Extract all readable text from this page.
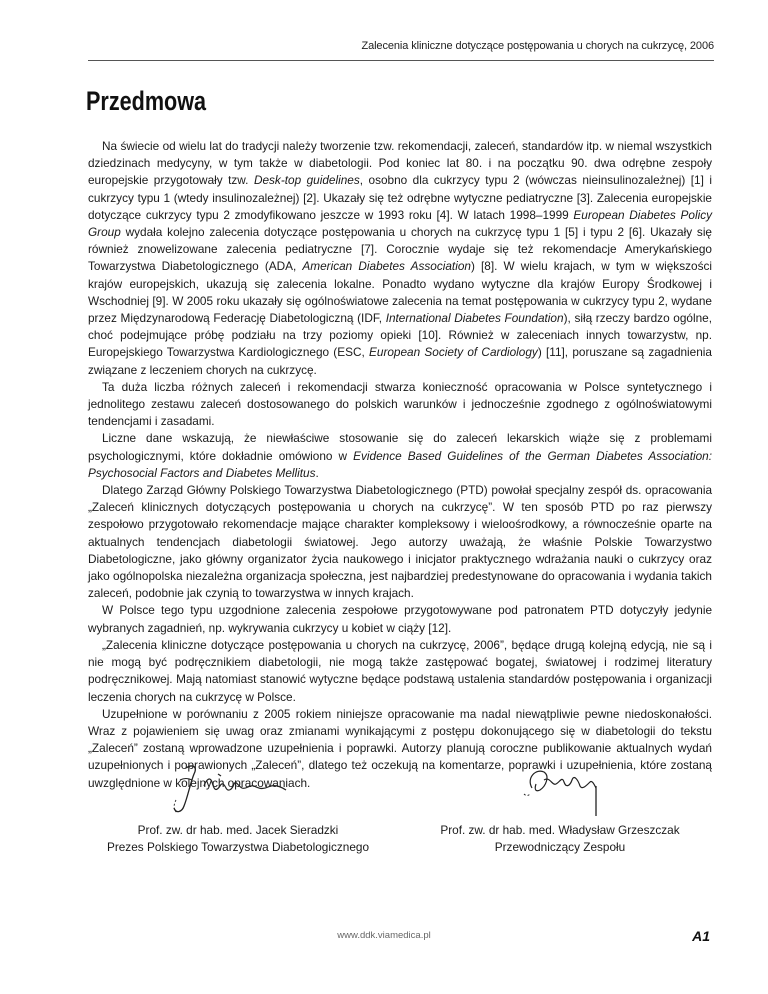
Zalecenia kliniczne dotyczące postępowania u chorych na cukrzycę, 2006
Przedmowa

Na świecie od wielu lat do tradycji należy tworzenie tzw. rekomendacji, zaleceń, standardów itp. w niemal wszystkich dziedzinach medycyny, w tym także w diabetologii. Pod koniec lat 80. i na początku 90. dwa odrębne zespoły europejskie przygotowały tzw. Desk-top guidelines, osobno dla cukrzycy typu 2 (wówczas nieinsulinozależnej) [1] i cukrzycy typu 1 (wtedy insulinozależnej) [2]. Ukazały się też odrębne wytyczne pediatryczne [3]. Zalecenia europejskie dotyczące cukrzycy typu 2 zmodyfikowano jeszcze w 1993 roku [4]. W latach 1998–1999 European Diabetes Policy Group wydała kolejno zalecenia dotyczące postępowania u chorych na cukrzycę typu 1 [5] i typu 2 [6]. Ukazały się również znowelizowane zalecenia pediatryczne [7]. Corocznie wydaje się też rekomendacje Amerykańskiego Towarzystwa Diabetologicznego (ADA, American Diabetes Association) [8]. W wielu krajach, w tym w większości krajów europejskich, ukazują się zalecenia lokalne. Ponadto wydano wytyczne dla krajów Europy Środkowej i Wschodniej [9]. W 2005 roku ukazały się ogólnoświatowe zalecenia na temat postępowania w cukrzycy typu 2, wydane przez Międzynarodową Federację Diabetologiczną (IDF, International Diabetes Foundation), siłą rzeczy bardzo ogólne, choć podejmujące próbę podziału na trzy poziomy opieki [10]. Również w zaleceniach innych towarzystw, np. Europejskiego Towarzystwa Kardiologicznego (ESC, European Society of Cardiology) [11], poruszane są zagadnienia związane z leczeniem chorych na cukrzycę.

Ta duża liczba różnych zaleceń i rekomendacji stwarza konieczność opracowania w Polsce syntetycznego i jednolitego zestawu zaleceń dostosowanego do polskich warunków i jednocześnie zgodnego z ogólnoświatowymi tendencjami i zasadami.

Liczne dane wskazują, że niewłaściwe stosowanie się do zaleceń lekarskich wiąże się z problemami psychologicznymi, które dokładnie omówiono w Evidence Based Guidelines of the German Diabetes Association: Psychosocial Factors and Diabetes Mellitus.

Dlatego Zarząd Główny Polskiego Towarzystwa Diabetologicznego (PTD) powołał specjalny zespół ds. opracowania „Zaleceń klinicznych dotyczących postępowania u chorych na cukrzycę”. W ten sposób PTD po raz pierwszy zespołowo przygotowało rekomendacje mające charakter kompleksowy i wieloośrodkowy, a równocześnie oparte na aktualnych tendencjach diabetologii światowej. Jego autorzy uważają, że właśnie Polskie Towarzystwo Diabetologiczne, jako główny organizator życia naukowego i inicjator praktycznego wdrażania nauki o cukrzycy oraz jako ogólnopolska niezależna organizacja społeczna, jest najbardziej predestynowane do opracowania i wydania takich zaleceń, podobnie jak czynią to towarzystwa w innych krajach.

W Polsce tego typu uzgodnione zalecenia zespołowe przygotowywane pod patronatem PTD dotyczyły jedynie wybranych zagadnień, np. wykrywania cukrzycy u kobiet w ciąży [12].

„Zalecenia kliniczne dotyczące postępowania u chorych na cukrzycę, 2006”, będące drugą kolejną edycją, nie są i nie mogą być podręcznikiem diabetologii, nie mogą także zastępować bogatej, światowej i rodzimej literatury podręcznikowej. Mają natomiast stanowić wytyczne będące podstawą ustalenia standardów postępowania i organizacji leczenia chorych na cukrzycę w Polsce.

Uzupełnione w porównaniu z 2005 rokiem niniejsze opracowanie ma nadal niewątpliwie pewne niedoskonałości. Wraz z pojawieniem się uwag oraz zmianami wynikającymi z postępu dokonującego się w diabetologii do tekstu „Zaleceń” zostaną wprowadzone uzupełnienia i poprawki. Autorzy planują coroczne publikowanie aktualnych wydań uzupełnionych i poprawionych „Zaleceń”, dlatego też oczekują na komentarze, poprawki i uzupełnienia, które zostaną uwzględnione w kolejnych opracowaniach.

Prof. zw. dr hab. med. Jacek Sieradzki
Prezes Polskiego Towarzystwa Diabetologicznego
Prof. zw. dr hab. med. Władysław Grzeszczak
Przewodniczący Zespołu
www.ddk.viamedica.pl	A1
